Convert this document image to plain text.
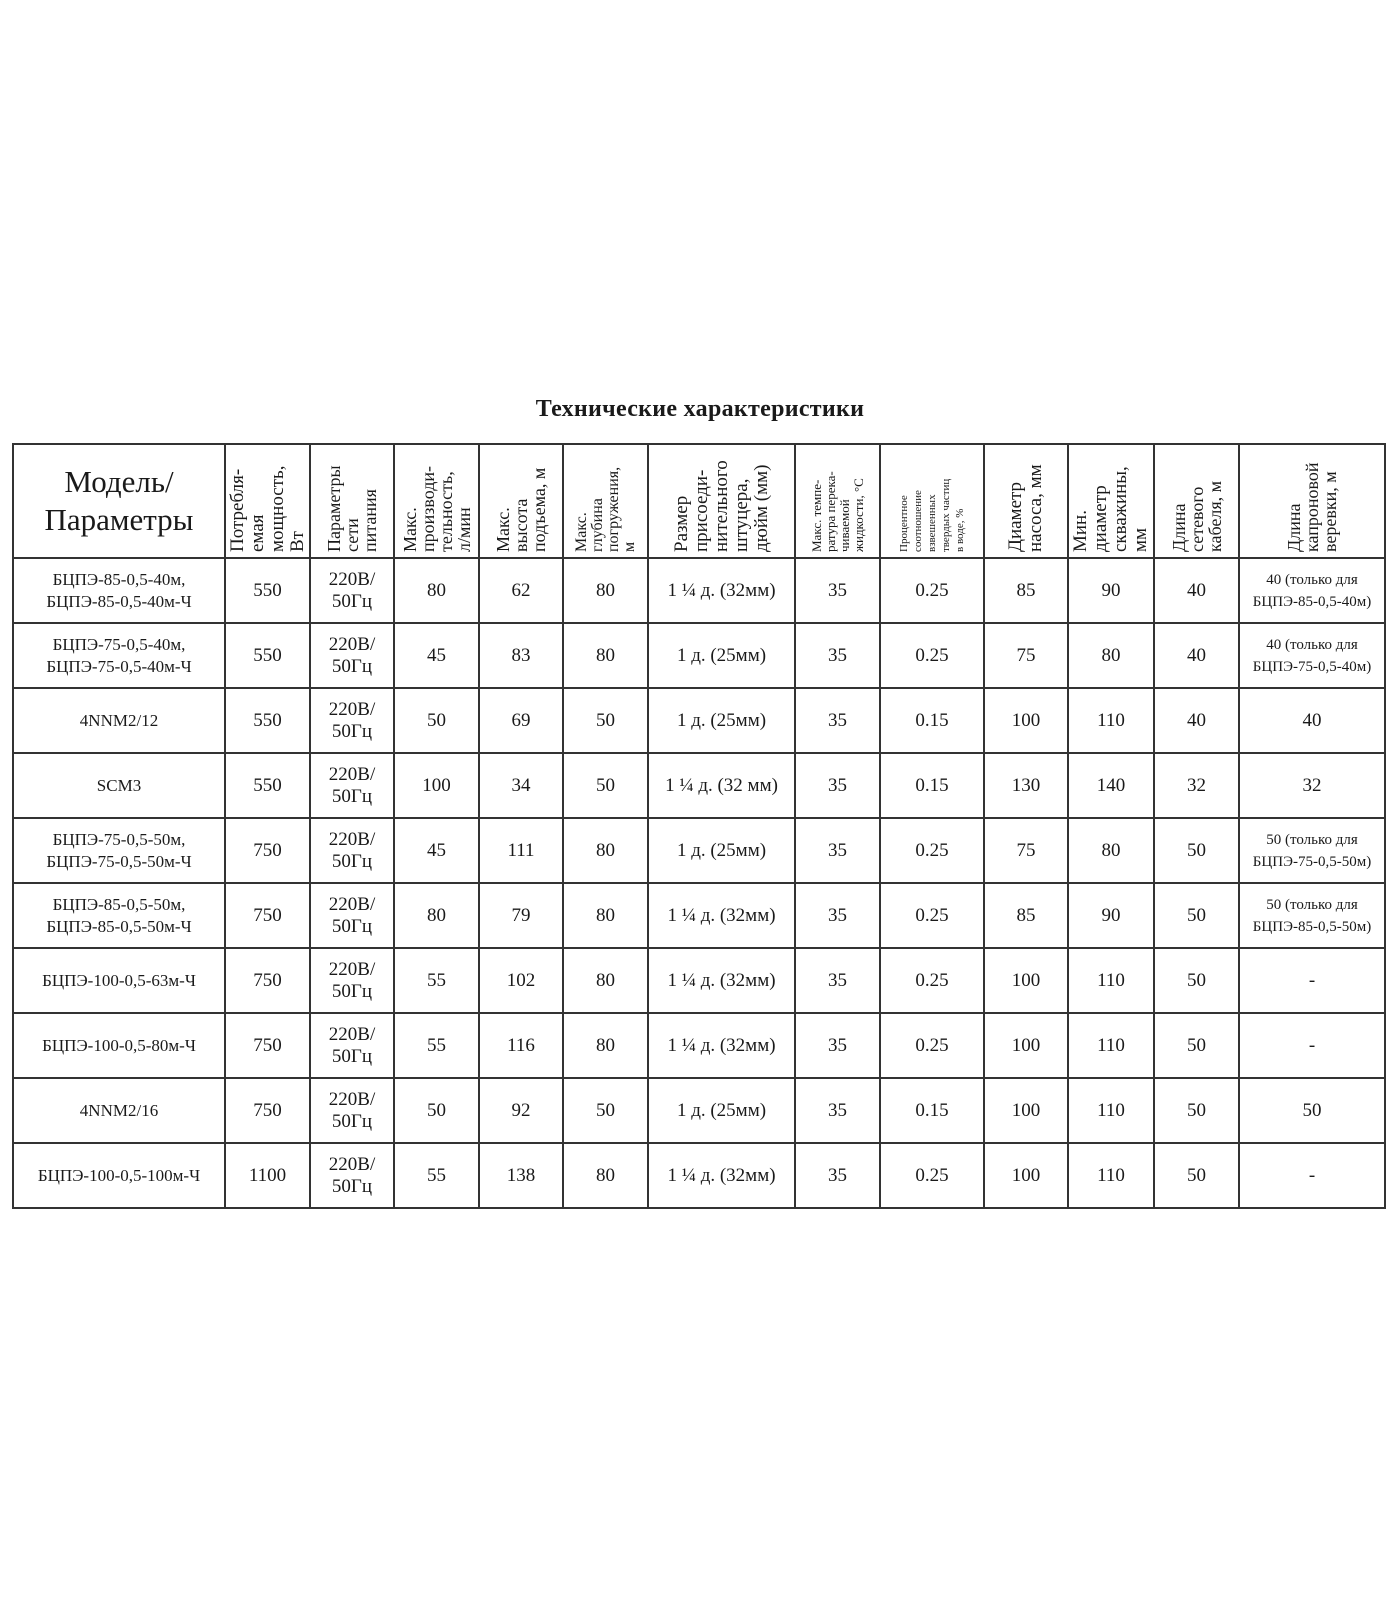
Технические характеристики
Модель/
Параметры	Потребля-
емая
мощность,
Вт	Параметры
сети
питания	Макс.
производи-
тельность,
л/мин	Макс.
высота
подъема, м	Макс.
глубина
погружения,
м	Размер
присоеди-
нительного
штуцера,
дюйм (мм)	Макс. темпе-
ратура перека-
чиваемой
жидкости, °С	Процентное
соотношение
взвешенных
твердых частиц
в воде, %	Диаметр
насоса, мм	Мин.
диаметр
скважины,
мм	Длина
сетевого
кабеля, м	Длина
капроновой
веревки, м
БЦПЭ-85-0,5-40м,
БЦПЭ-85-0,5-40м-Ч	550	220В/
50Гц	80	62	80	1 ¼ д. (32мм)	35	0.25	85	90	40	40 (только для
БЦПЭ-85-0,5-40м)
БЦПЭ-75-0,5-40м,
БЦПЭ-75-0,5-40м-Ч	550	220В/
50Гц	45	83	80	1 д. (25мм)	35	0.25	75	80	40	40 (только для
БЦПЭ-75-0,5-40м)
4NNM2/12	550	220В/
50Гц	50	69	50	1 д. (25мм)	35	0.15	100	110	40	40
SCM3	550	220В/
50Гц	100	34	50	1 ¼ д. (32 мм)	35	0.15	130	140	32	32
БЦПЭ-75-0,5-50м,
БЦПЭ-75-0,5-50м-Ч	750	220В/
50Гц	45	111	80	1 д. (25мм)	35	0.25	75	80	50	50 (только для
БЦПЭ-75-0,5-50м)
БЦПЭ-85-0,5-50м,
БЦПЭ-85-0,5-50м-Ч	750	220В/
50Гц	80	79	80	1 ¼ д. (32мм)	35	0.25	85	90	50	50 (только для
БЦПЭ-85-0,5-50м)
БЦПЭ-100-0,5-63м-Ч	750	220В/
50Гц	55	102	80	1 ¼ д. (32мм)	35	0.25	100	110	50	-
БЦПЭ-100-0,5-80м-Ч	750	220В/
50Гц	55	116	80	1 ¼ д. (32мм)	35	0.25	100	110	50	-
4NNM2/16	750	220В/
50Гц	50	92	50	1 д. (25мм)	35	0.15	100	110	50	50
БЦПЭ-100-0,5-100м-Ч	1100	220В/
50Гц	55	138	80	1 ¼ д. (32мм)	35	0.25	100	110	50	-
